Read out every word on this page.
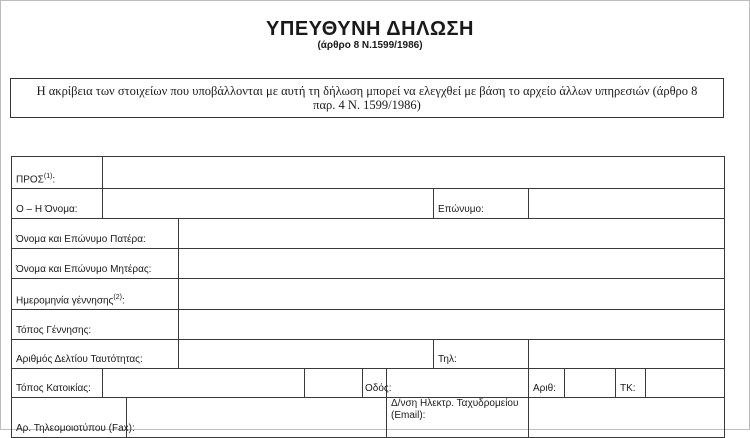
ΥΠΕΥΘΥΝΗ ΔΗΛΩΣΗ
(άρθρο 8 Ν.1599/1986)
Η ακρίβεια των στοιχείων που υποβάλλονται με αυτή τη δήλωση μπορεί να ελεγχθεί με βάση το αρχείο άλλων υπηρεσιών (άρθρο 8
παρ. 4 Ν. 1599/1986)
ΠΡΟΣ$^{(1)}$:											
Ο – Η Όνομα:							Επώνυμο:				
Όνομα και Επώνυμο Πατέρα:											
Όνομα και Επώνυμο Μητέρας:											
Ημερομηνία γέννησης$^{(2)}$:											
Τόπος Γέννησης:											
Αριθμός Δελτίου Ταυτότητας:							Τηλ:				
Τόπος Κατοικίας:					Οδός:			Αριθ:		ΤΚ:	
Αρ. Τηλεομοιοτύπου (Fax):						Δ/νση Ηλεκτρ. Ταχυδρομείου (Email):					
